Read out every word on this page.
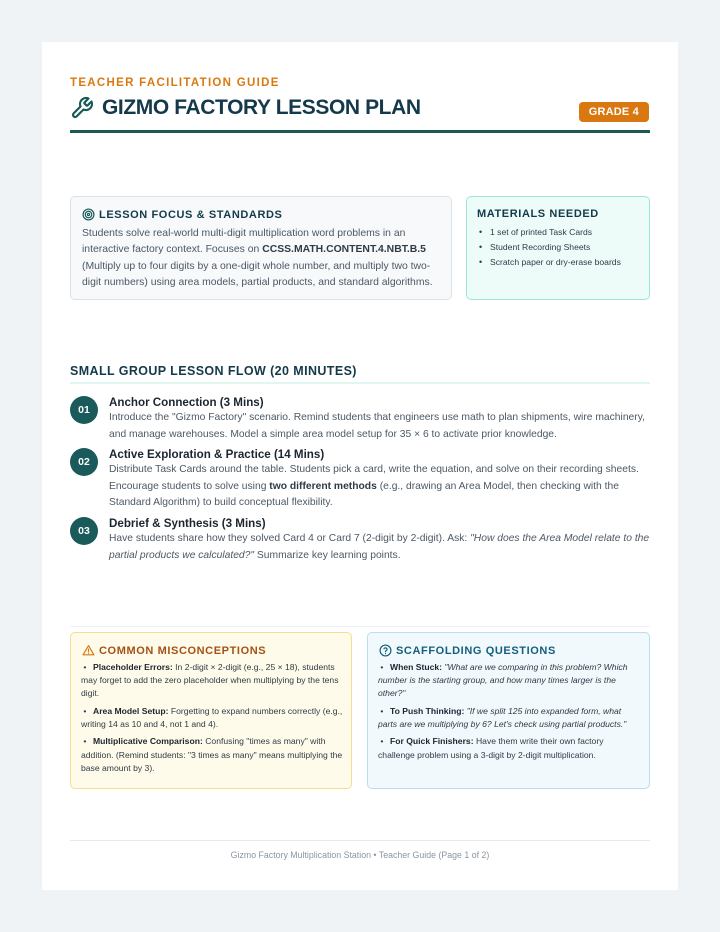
TEACHER FACILITATION GUIDE
GIZMO FACTORY LESSON PLAN	GRADE 4
LESSON FOCUS & STANDARDS
Students solve real-world multi-digit multiplication word problems in an interactive factory context. Focuses on CCSS.MATH.CONTENT.4.NBT.B.5 (Multiply up to four digits by a one-digit whole number, and multiply two two-digit numbers) using area models, partial products, and standard algorithms.
MATERIALS NEEDED
• 1 set of printed Task Cards
• Student Recording Sheets
• Scratch paper or dry-erase boards
SMALL GROUP LESSON FLOW (20 MINUTES)
01
Anchor Connection (3 Mins)
Introduce the "Gizmo Factory" scenario. Remind students that engineers use math to plan shipments, wire machinery, and manage warehouses. Model a simple area model setup for 35 × 6 to activate prior knowledge.
02
Active Exploration & Practice (14 Mins)
Distribute Task Cards around the table. Students pick a card, write the equation, and solve on their recording sheets. Encourage students to solve using two different methods (e.g., drawing an Area Model, then checking with the Standard Algorithm) to build conceptual flexibility.
03
Debrief & Synthesis (3 Mins)
Have students share how they solved Card 4 or Card 7 (2-digit by 2-digit). Ask: "How does the Area Model relate to the partial products we calculated?" Summarize key learning points.
COMMON MISCONCEPTIONS
• Placeholder Errors: In 2-digit × 2-digit (e.g., 25 × 18), students may forget to add the zero placeholder when multiplying by the tens digit.
• Area Model Setup: Forgetting to expand numbers correctly (e.g., writing 14 as 10 and 4, not 1 and 4).
• Multiplicative Comparison: Confusing "times as many" with addition. (Remind students: "3 times as many" means multiplying the base amount by 3).
SCAFFOLDING QUESTIONS
• When Stuck: "What are we comparing in this problem? Which number is the starting group, and how many times larger is the other?"
• To Push Thinking: "If we split 125 into expanded form, what parts are we multiplying by 6? Let's check using partial products."
• For Quick Finishers: Have them write their own factory challenge problem using a 3-digit by 2-digit multiplication.
Gizmo Factory Multiplication Station • Teacher Guide (Page 1 of 2)
